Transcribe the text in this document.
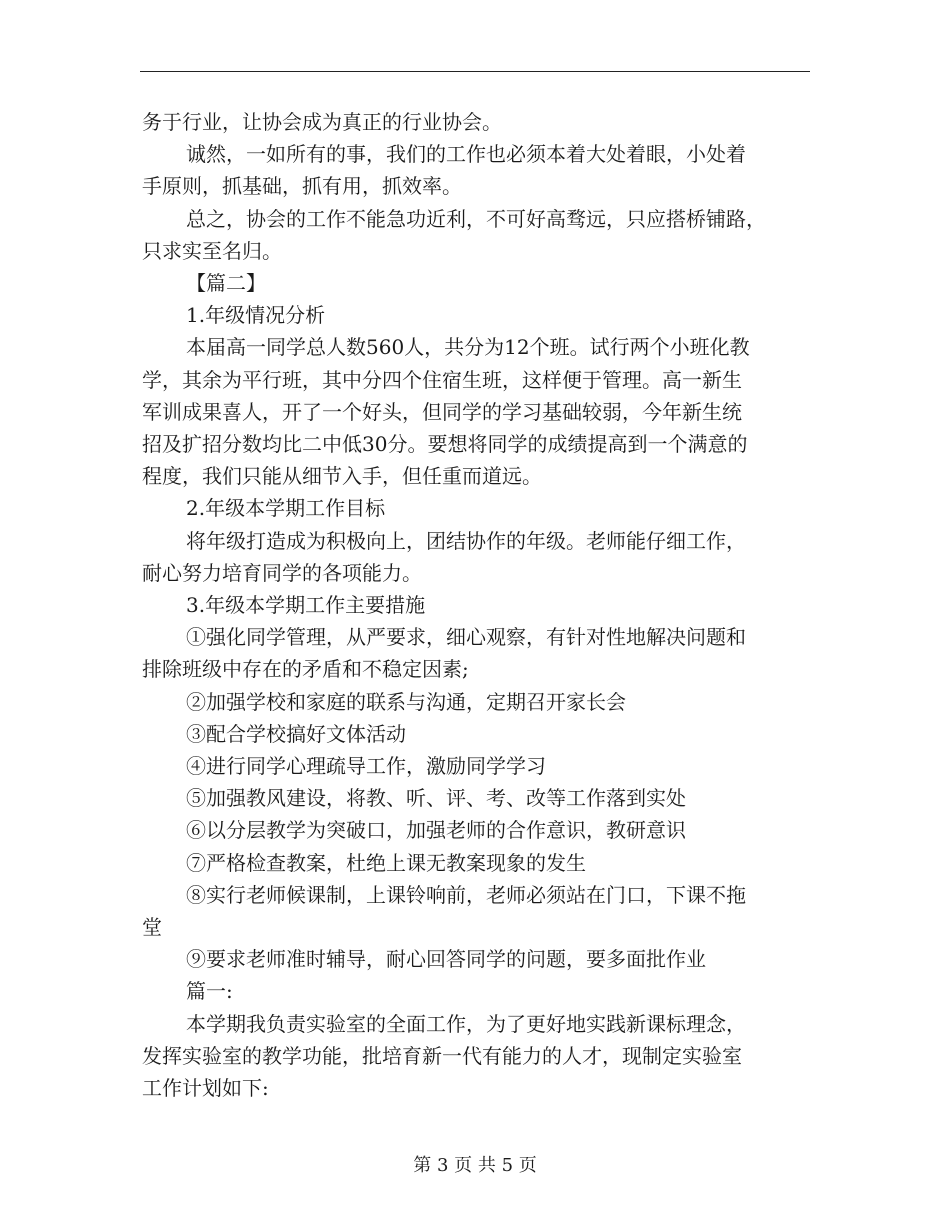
务于行业，让协会成为真正的行业协会。

诚然，一如所有的事，我们的工作也必须本着大处着眼，小处着

手原则，抓基础，抓有用，抓效率。

总之，协会的工作不能急功近利，不可好高骛远，只应搭桥铺路，

只求实至名归。

【篇二】

1.年级情况分析

本届高一同学总人数560人，共分为12个班。试行两个小班化教

学，其余为平行班，其中分四个住宿生班，这样便于管理。高一新生

军训成果喜人，开了一个好头，但同学的学习基础较弱，今年新生统

招及扩招分数均比二中低30分。要想将同学的成绩提高到一个满意的

程度，我们只能从细节入手，但任重而道远。

2.年级本学期工作目标

将年级打造成为积极向上，团结协作的年级。老师能仔细工作，

耐心努力培育同学的各项能力。

3.年级本学期工作主要措施

①强化同学管理，从严要求，细心观察，有针对性地解决问题和

排除班级中存在的矛盾和不稳定因素;

②加强学校和家庭的联系与沟通，定期召开家长会

③配合学校搞好文体活动

④进行同学心理疏导工作，激励同学学习

⑤加强教风建设，将教、听、评、考、改等工作落到实处

⑥以分层教学为突破口，加强老师的合作意识，教研意识

⑦严格检查教案，杜绝上课无教案现象的发生

⑧实行老师候课制，上课铃响前，老师必须站在门口，下课不拖

堂

⑨要求老师准时辅导，耐心回答同学的问题，要多面批作业

篇一:

本学期我负责实验室的全面工作，为了更好地实践新课标理念，

发挥实验室的教学功能，批培育新一代有能力的人才，现制定实验室

工作计划如下:

第 3 页 共 5 页
